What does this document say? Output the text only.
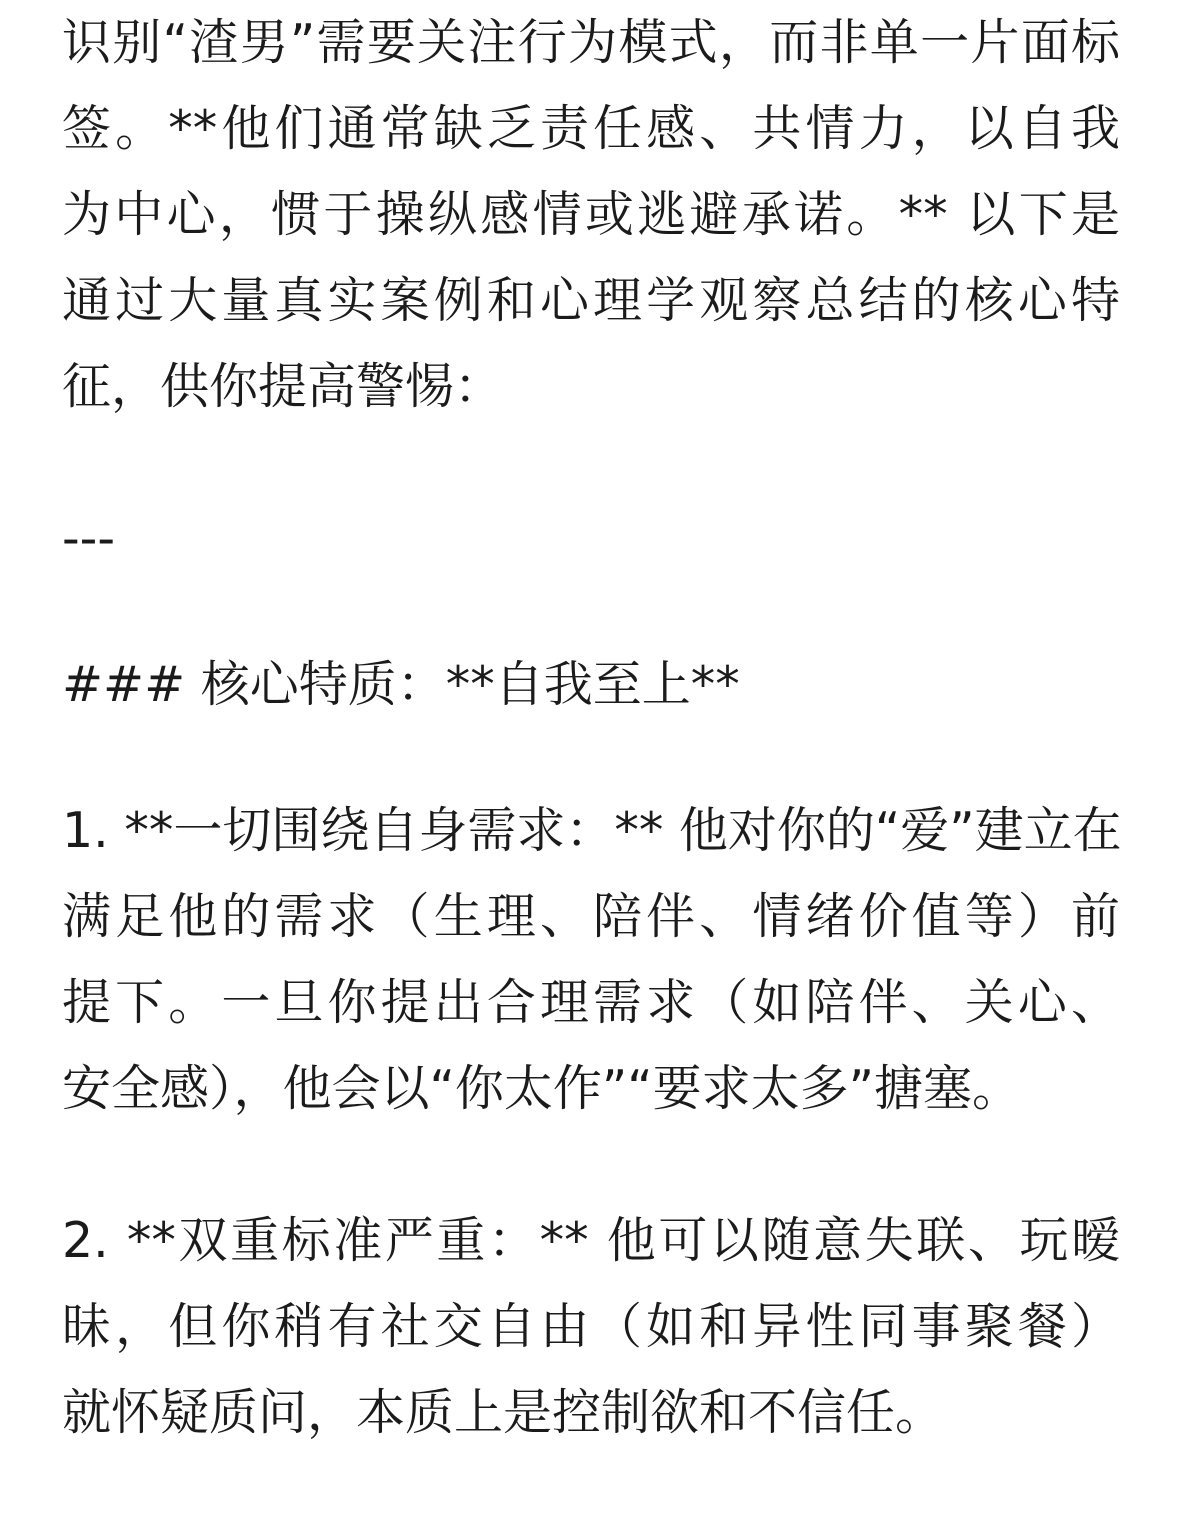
识别“渣男”需要关注行为模式，而非单一片面标
签。**他们通常缺乏责任感、共情力，以自我
为中心，惯于操纵感情或逃避承诺。** 以下是
通过大量真实案例和心理学观察总结的核心特
征，供你提高警惕：
---
### 核心特质：**自我至上**
1. **一切围绕自身需求：** 他对你的“爱”建立在
满足他的需求（生理、陪伴、情绪价值等）前
提下。一旦你提出合理需求（如陪伴、关心、
安全感），他会以“你太作”“要求太多”搪塞。
2. **双重标准严重：** 他可以随意失联、玩暧
昧，但你稍有社交自由（如和异性同事聚餐）
就怀疑质问，本质上是控制欲和不信任。
